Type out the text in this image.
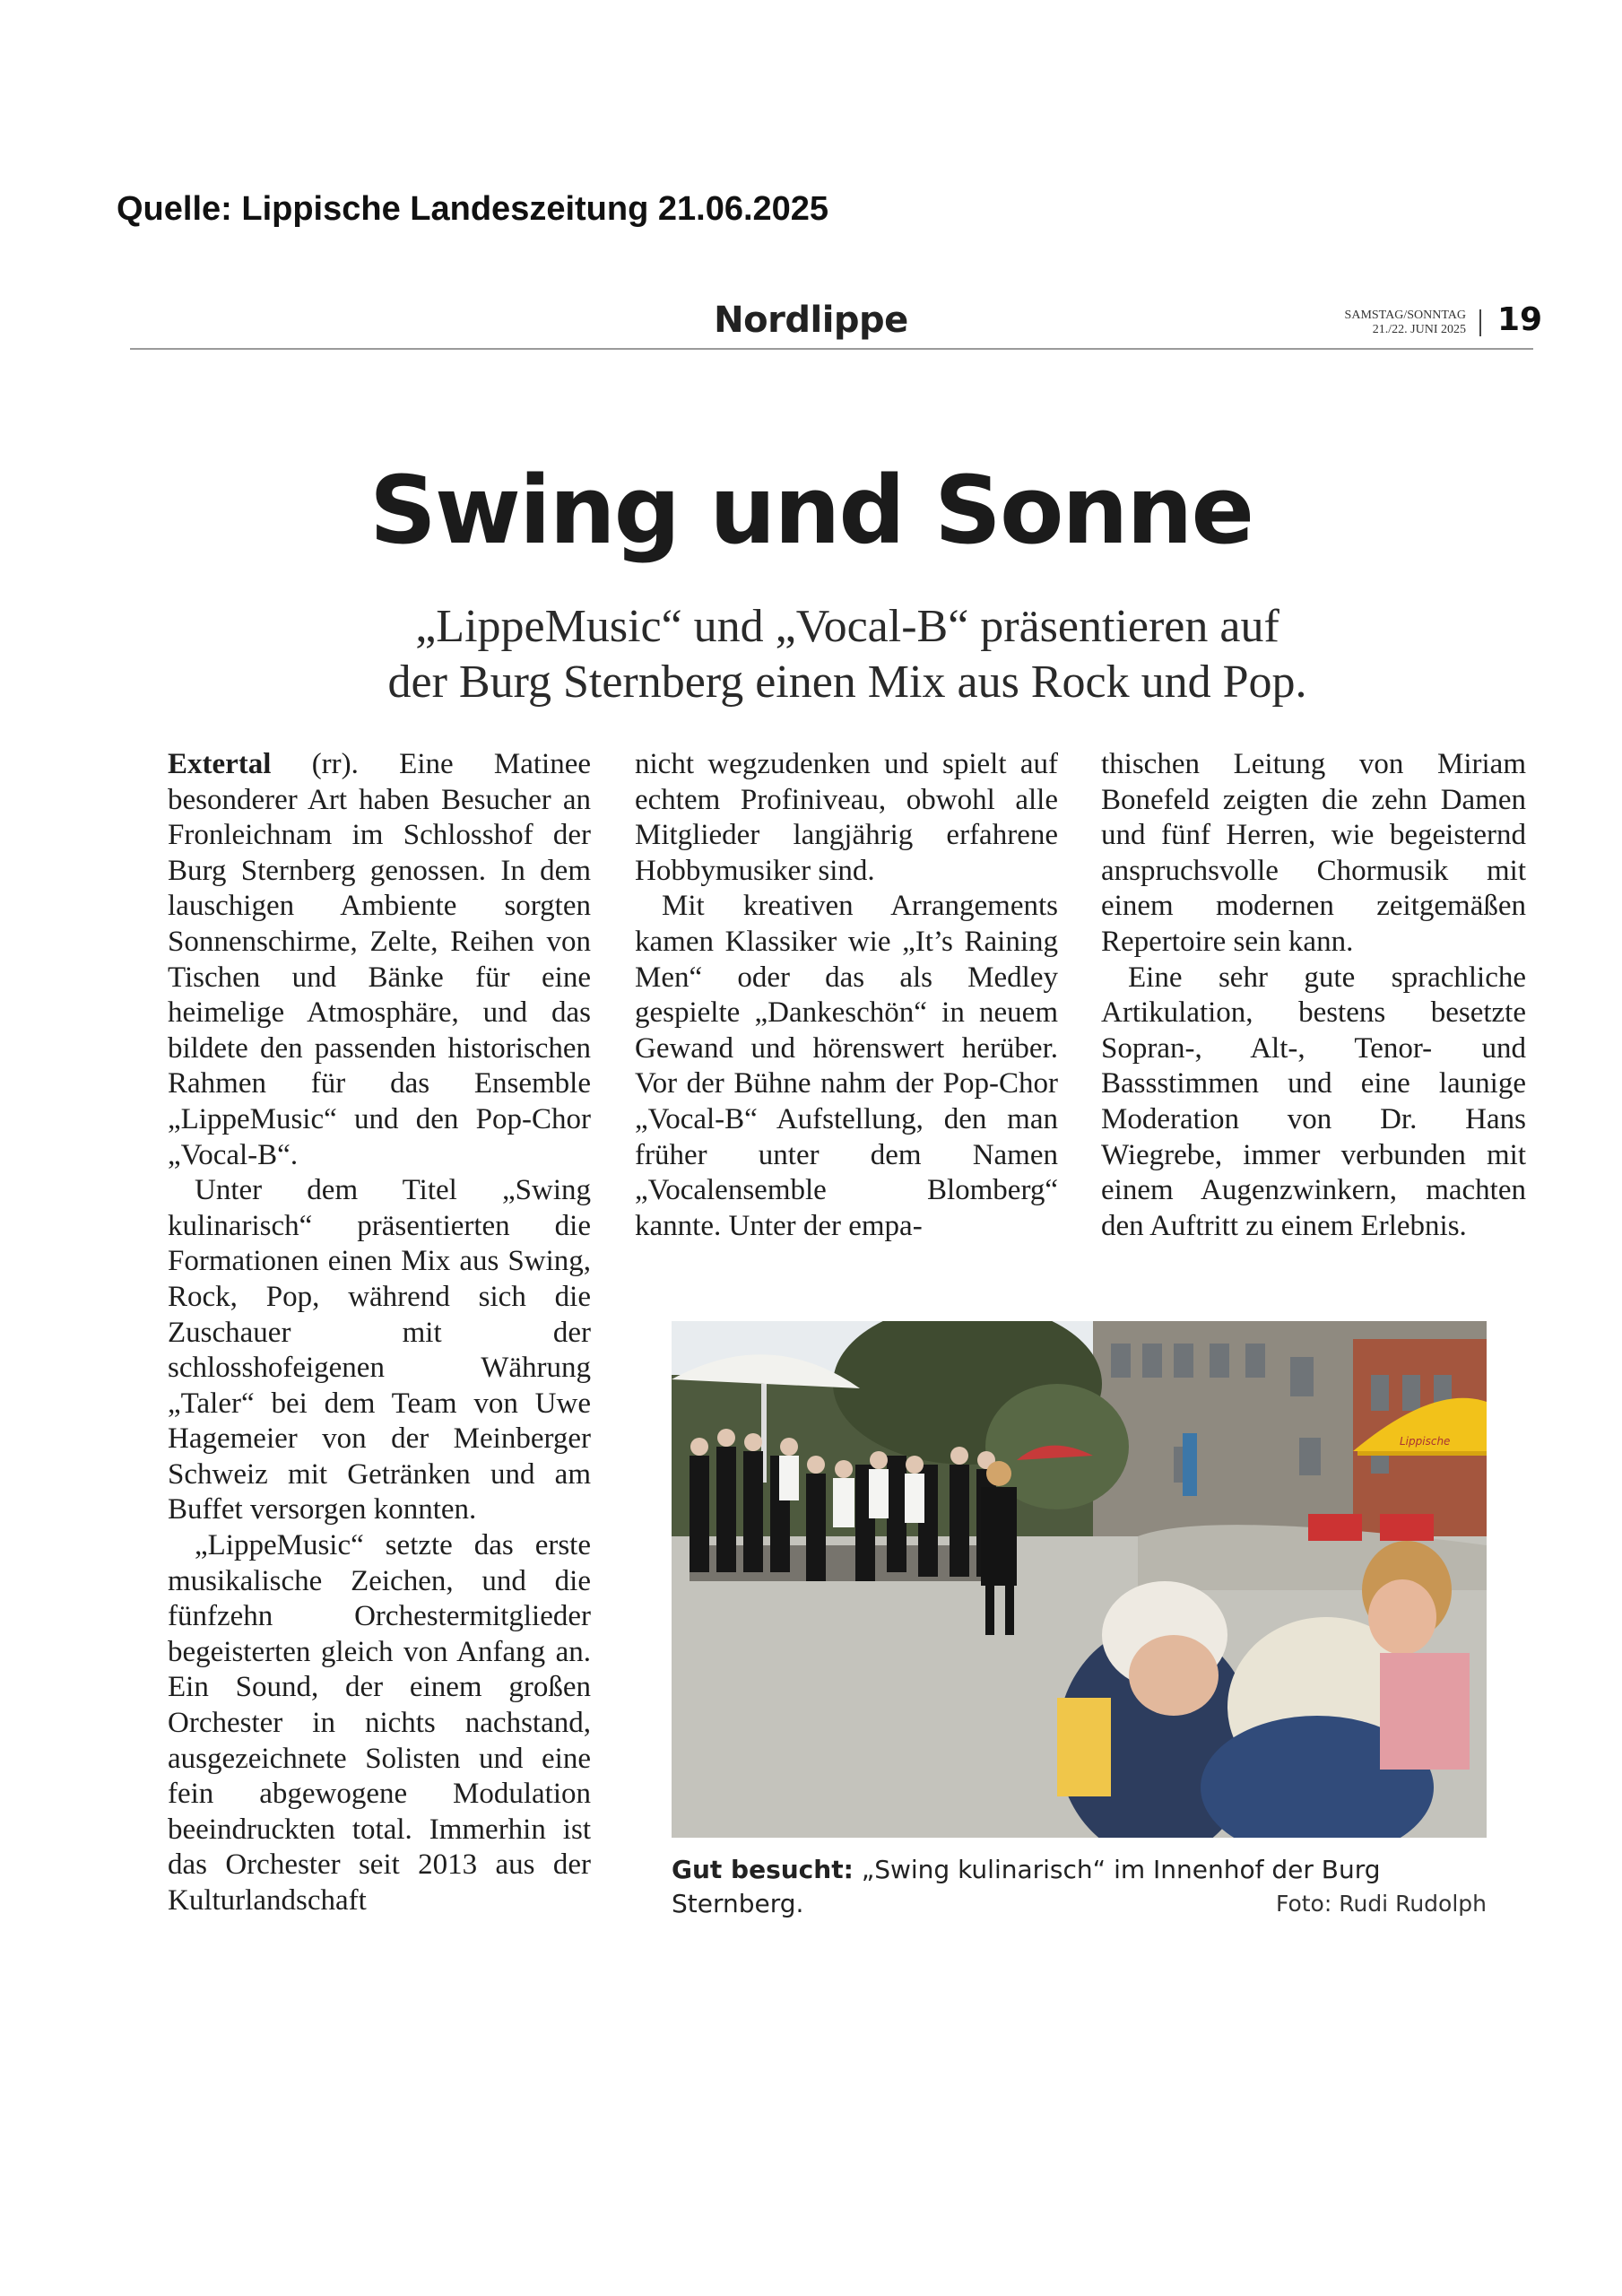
Quelle: Lippische Landeszeitung 21.06.2025
Nordlippe	SAMSTAG/SONNTAG
21./22. JUNI 2025 19
Swing und Sonne
„LippeMusic“ und „Vocal-B“ präsentieren auf
der Burg Sternberg einen Mix aus Rock und Pop.

Extertal (rr). Eine Matinee besonderer Art haben Besucher an Fronleichnam im Schlosshof der Burg Sternberg genossen. In dem lauschigen Ambiente sorgten Sonnenschirme, Zelte, Reihen von Tischen und Bänke für eine heimelige Atmosphäre, und das bildete den passenden historischen Rahmen für das Ensemble „LippeMusic“ und den Pop-Chor „Vocal-B“.

Unter dem Titel „Swing kulinarisch“ präsentierten die Formationen einen Mix aus Swing, Rock, Pop, während sich die Zuschauer mit der schlosshofeigenen Währung „Taler“ bei dem Team von Uwe Hagemeier von der Meinberger Schweiz mit Getränken und am Buffet versorgen konnten.

„LippeMusic“ setzte das erste musikalische Zeichen, und die fünfzehn Orchestermitglieder begeisterten gleich von Anfang an. Ein Sound, der einem großen Orchester in nichts nachstand, ausgezeichnete Solisten und eine fein abgewogene Modulation beeindruckten total. Immerhin ist das Orchester seit 2013 aus der Kulturlandschaft

nicht wegzudenken und spielt auf echtem Profiniveau, obwohl alle Mitglieder langjährig erfahrene Hobbymusiker sind.

Mit kreativen Arrangements kamen Klassiker wie „It’s Raining Men“ oder das als Medley gespielte „Dankeschön“ in neuem Gewand und hörenswert herüber. Vor der Bühne nahm der Pop-Chor „Vocal-B“ Aufstellung, den man früher unter dem Namen „Vocalensemble Blomberg“ kannte. Unter der empa-

thischen Leitung von Miriam Bonefeld zeigten die zehn Damen und fünf Herren, wie begeisternd anspruchsvolle Chormusik mit einem modernen zeitgemäßen Repertoire sein kann.

Eine sehr gute sprachliche Artikulation, bestens besetzte Sopran-, Alt-, Tenor- und Bassstimmen und eine launige Moderation von Dr. Hans Wiegrebe, immer verbunden mit einem Augenzwinkern, machten den Auftritt zu einem Erlebnis.

Lippische
Gut besucht: „Swing kulinarisch“ im Innenhof der Burg Sternberg.	Foto: Rudi Rudolph
